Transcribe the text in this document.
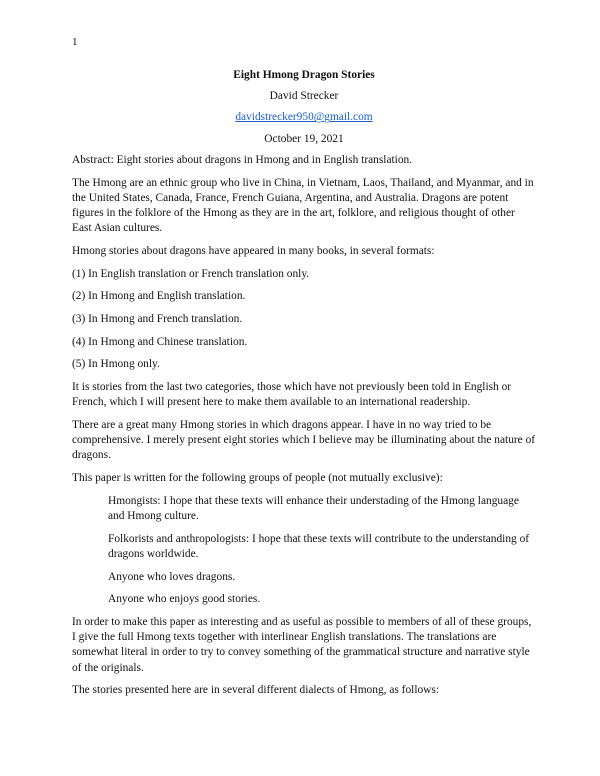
1
Eight Hmong Dragon Stories
David Strecker
davidstrecker950@gmail.com
October 19, 2021

Abstract: Eight stories about dragons in Hmong and in English translation.

The Hmong are an ethnic group who live in China, in Vietnam, Laos, Thailand, and Myanmar, and in the United States, Canada, France, French Guiana, Argentina, and Australia. Dragons are potent figures in the folklore of the Hmong as they are in the art, folklore, and religious thought of other East Asian cultures.

Hmong stories about dragons have appeared in many books, in several formats:

(1) In English translation or French translation only.

(2) In Hmong and English translation.

(3) In Hmong and French translation.

(4) In Hmong and Chinese translation.

(5) In Hmong only.

It is stories from the last two categories, those which have not previously been told in English or French, which I will present here to make them available to an international readership.

There are a great many Hmong stories in which dragons appear. I have in no way tried to be comprehensive. I merely present eight stories which I believe may be illuminating about the nature of dragons.

This paper is written for the following groups of people (not mutually exclusive):

Hmongists: I hope that these texts will enhance their understading of the Hmong language and Hmong culture.

Folkorists and anthropologists: I hope that these texts will contribute to the understanding of dragons worldwide.

Anyone who loves dragons.

Anyone who enjoys good stories.

In order to make this paper as interesting and as useful as possible to members of all of these groups, I give the full Hmong texts together with interlinear English translations. The translations are somewhat literal in order to try to convey something of the grammatical structure and narrative style of the originals.

The stories presented here are in several different dialects of Hmong, as follows:
